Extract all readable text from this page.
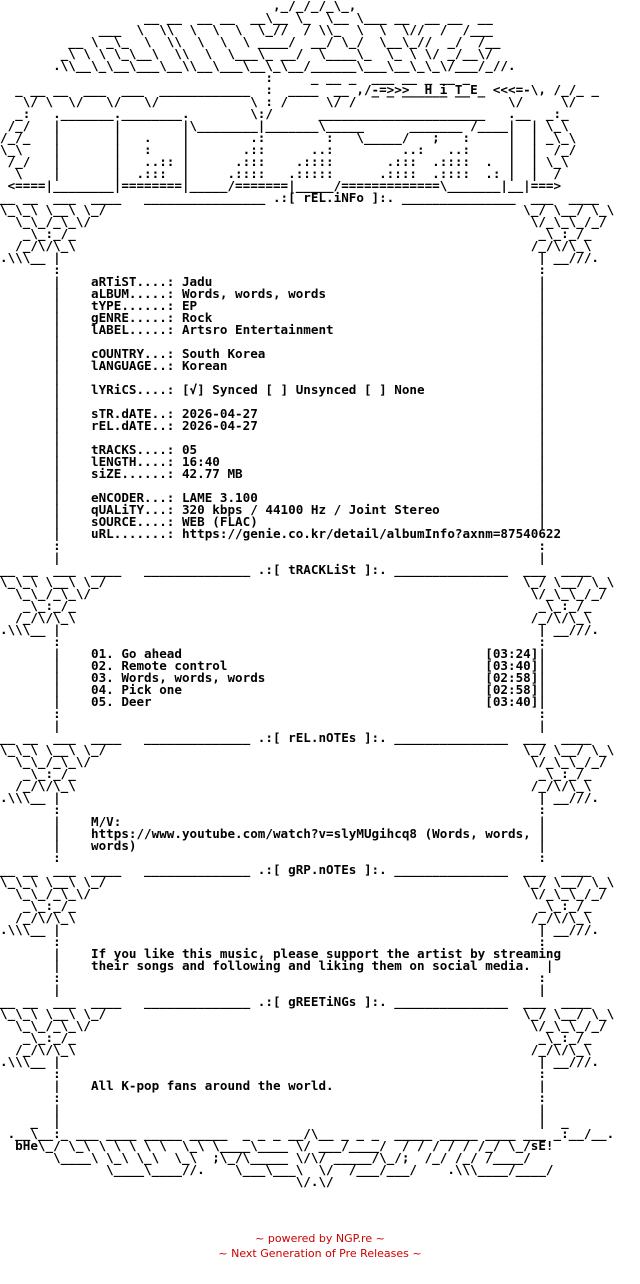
,_/_/_/_\_,
__ __  __ __  __\__ \_  \__ \___ __  __ __  __
___  \  \\  \  \  \  \_//  / \\_  \  \  \//  /  /___
__ \ _\_  \  \\  \  \  \ ____/  __/ \_/  \__\_//  _/  /__
_\ \ \ \_\__\  \\  \  \___\_ __/  \____\_  \_ \ \/ _/__\/
.\\__\_\__\___\__\\__\___\__\_\__/______\___\__\_\_\/___/_//.
:     _ __ _  ___ __ _ __ _
_ __ __  ___  ___  ____________  :  ____  __ ,/-=>>>  H i T E  <<<=-\, /_/_ _
\/ \  \/   \/   \/            \ : /     \/ /  ‾ ‾ ‾‾‾‾‾‾ ‾‾ ‾   \/     \/
_:   ._______.________.        \:/      ______________________   .__  _:_
/_/   |       |        |\________|_______\_____      _______ /____|  | \_\
/_/_   |       |   .    |        .:        :   \_____/   ;   :     |  | _\_\
\_\    |       |   :    |       .::      ..:         ..:   ..:     |  |  /_/
/_/   |       |   ..:: |      .:::    .::::       .:::  .::::  .  |  | \_\
\    |       |  .:::  |     .::::   .:::::      .::::  .::::  .: |  |  /
<====|________|========|_____/=======|_____/=============\_______|__|===>
__ __  ___  ____   ________________ .:[ rEL.iNFo ]:. _______________  ___  ____
\_\_\ \__\ \_/                                                       \_/ \__/ \_\
\_\_/_\_\/                                                          \/_\_\_/_/
_\_:_/_                                                             _\_:_/_
/_/\/\_\                                                            /_/\/\_\
.\\\__ |                                                               | __///.
:                                                               :
|    aRTiST....: Jadu                                           |
|    aLBUM.....: Words, words, words                            |
|    tYPE......: EP                                             |
|    gENRE.....: Rock                                           |
|    lABEL.....: Artsro Entertainment                           |
|                                                               |
|    cOUNTRY...: South Korea                                    |
|    lANGUAGE..: Korean                                         |
|                                                               |
|    lYRiCS....: [√] Synced [ ] Unsynced [ ] None               |
|                                                               |
|    sTR.dATE..: 2026-04-27                                     |
|    rEL.dATE..: 2026-04-27                                     |
|                                                               |
|    tRACKS....: 05                                             |
|    lENGTH....: 16:40                                          |
|    siZE......: 42.77 MB                                       |
|                                                               |
|    eNCODER...: LAME 3.100                                     |
|    qUALiTY...: 320 kbps / 44100 Hz / Joint Stereo             |
|    sOURCE....: WEB (FLAC)                                     |
|    uRL.......: https://genie.co.kr/detail/albumInfo?axnm=87540622
:                                                               :
|                                                               |
__ __  ___  ____   ______________ .:[ tRACKLiSt ]:. _______________  ___  ____
\_\_\ \__\ \_/                                                       \_/ \__/ \_\
\_\_/_\_\/                                                          \/_\_\_/_/
_\_:_/_                                                             _\_:_/_
/_/\/\_\                                                            /_/\/\_\
.\\\__ |                                                               | __///.
:                                                               :
|    01. Go ahead                                        [03:24]|
|    02. Remote control                                  [03:40]|
|    03. Words, words, words                             [02:58]|
|    04. Pick one                                        [02:58]|
|    05. Deer                                            [03:40]|
:                                                               :
|                                                               |
__ __  ___  ____   ______________ .:[ rEL.nOTEs ]:. _______________  ___  ____
\_\_\ \__\ \_/                                                       \_/ \__/ \_\
\_\_/_\_\/                                                          \/_\_\_/_/
_\_:_/_                                                             _\_:_/_
/_/\/\_\                                                            /_/\/\_\
.\\\__ |                                                               | __///.
:                                                               :
|    M/V:                                                       |
|    https://www.youtube.com/watch?v=slyMUgihcq8 (Words, words, |
|    words)                                                     |
:                                                               :
__ __  ___  ____   ______________ .:[ gRP.nOTEs ]:. _______________  ___  ____
\_\_\ \__\ \_/                                                       \_/ \__/ \_\
\_\_/_\_\/                                                          \/_\_\_/_/
_\_:_/_                                                             _\_:_/_
/_/\/\_\                                                            /_/\/\_\
.\\\__ |                                                               | __///.
:                                                               :
|    If you like this music, please support the artist by streaming
|    their songs and following and liking them on social media.  |
:                                                               :
|                                                               |
__ __  ___  ____   ______________ .:[ gREETiNGs ]:. _______________  ___  ____
\_\_\ \__\ \_/                                                       \_/ \__/ \_\
\_\_/_\_\/                                                          \/_\_\_/_/
_\_:_/_                                                             _\_:_/_
/_/\/\_\                                                            /_/\/\_\
.\\\__ |                                                               | __///.
:                                                               :
|    All K-pop fans around the world.                           |
:                                                               :
|                                                               |
_  |                                                               |  _
.__\__:_ ___ ____ _____ _____  _ _ _ __/\__ _ _ _  _____ _____ ____ ___ _:__/__.
bHe\_/ \_\ \ \ \ \ \  \_\ \____\____ \/ ___/____/  / / / / / /_/ \_/sE!
\____\ \_\ \_\  \_\  ;\_/\_____ \/\/ _____/\_/;  /_/ /_/ /____/
\____\____//.    \___\___\  \/  /___/___/    .\\\____/____/
\/.\/
~ powered by NGP.re ~
~ Next Generation of Pre Releases ~
